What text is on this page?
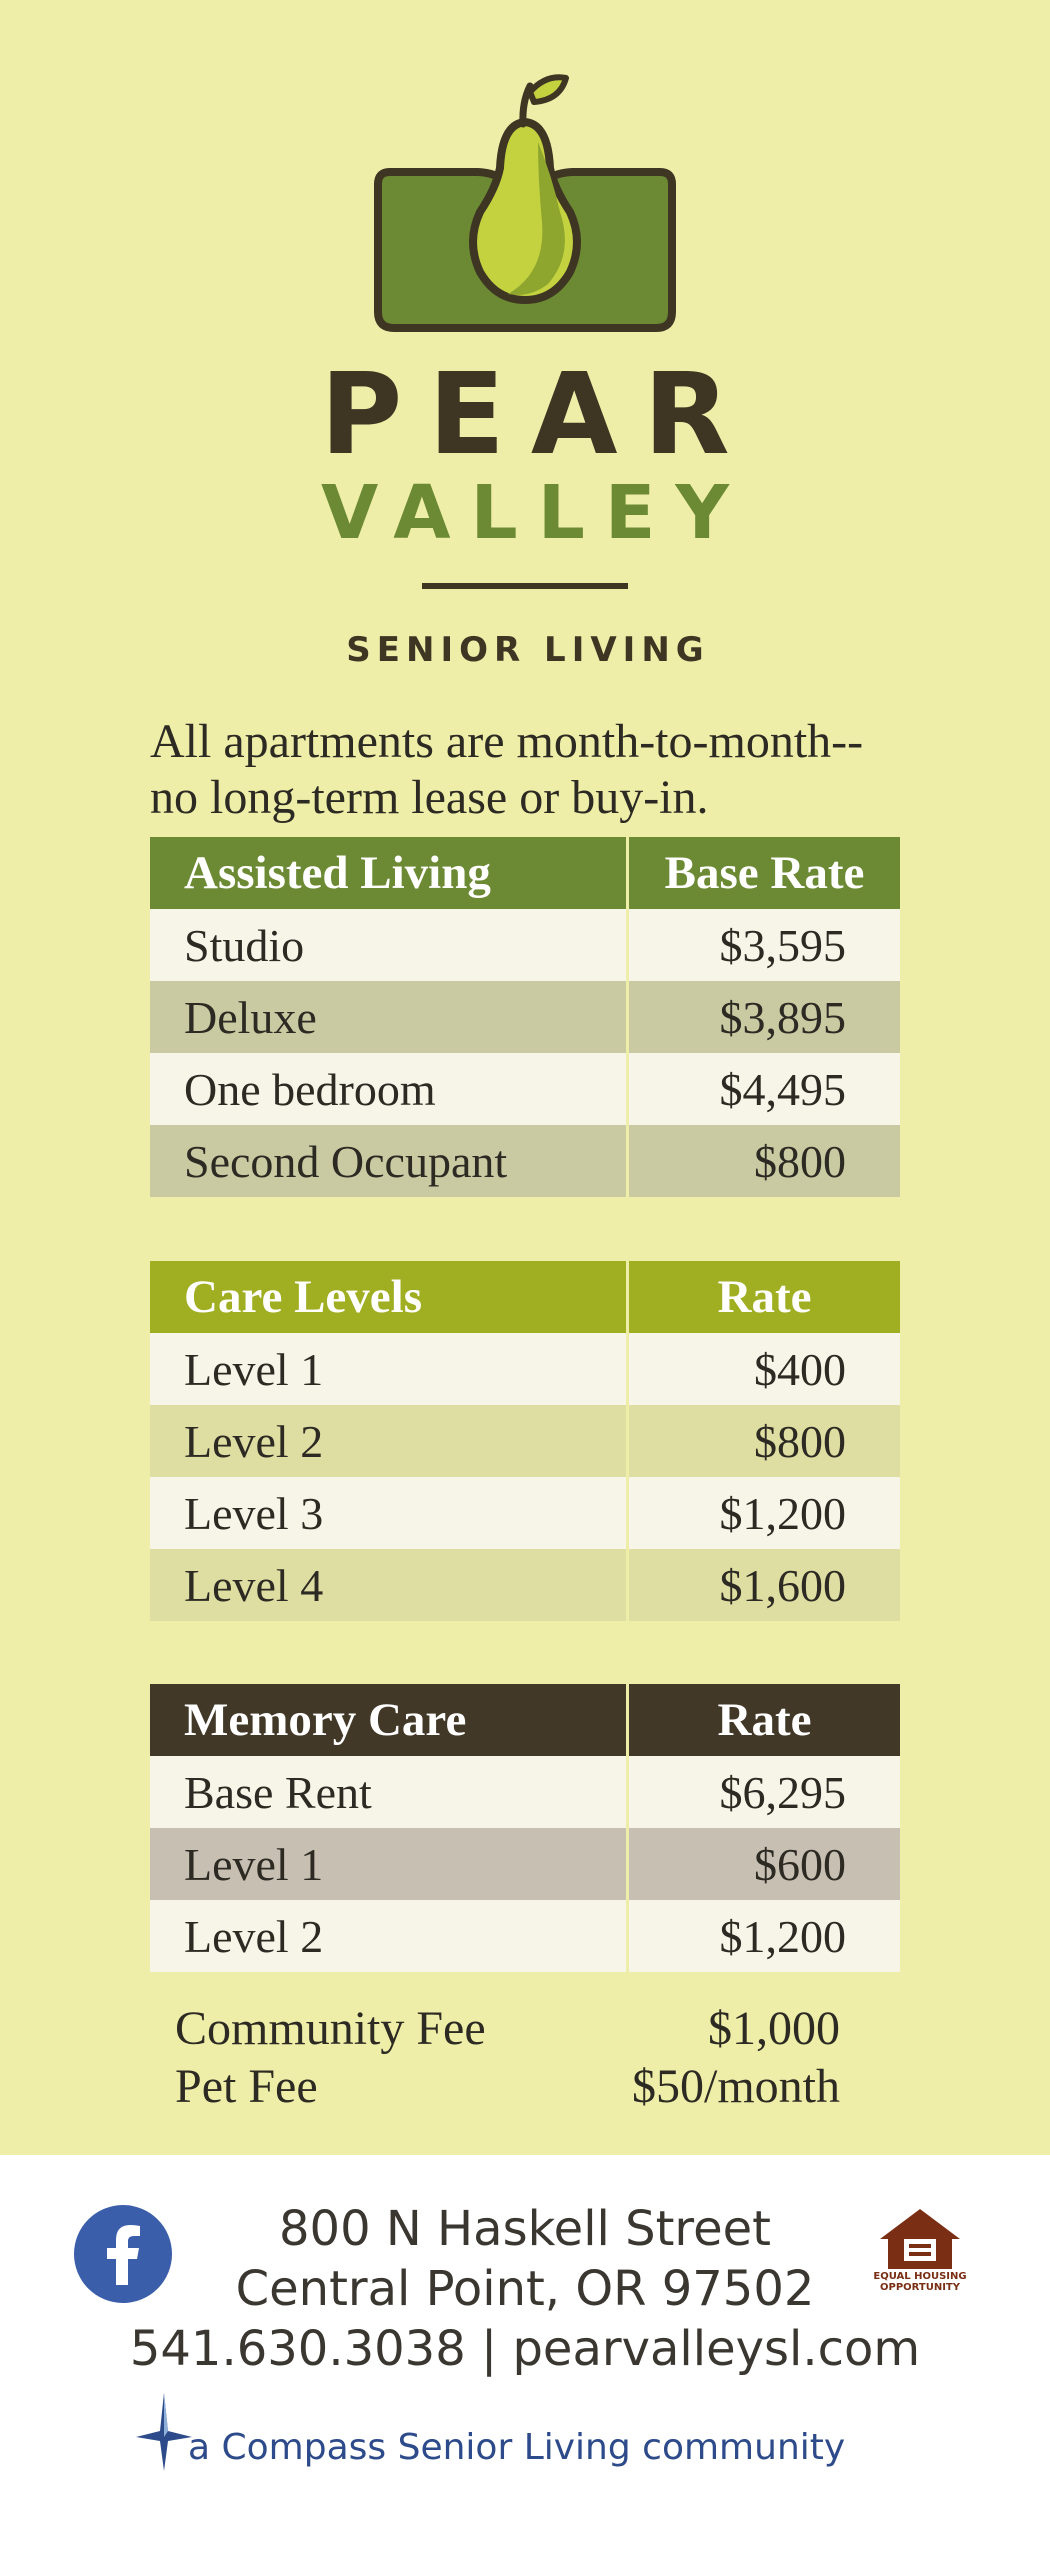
PEAR
VALLEY
SENIOR LIVING
All apartments are month-to-month-- no long-term lease or buy-in.
Assisted Living	Base Rate
Studio	$3,595
Deluxe	$3,895
One bedroom	$4,495
Second Occupant	$800
Care Levels	Rate
Level 1	$400
Level 2	$800
Level 3	$1,200
Level 4	$1,600
Memory Care	Rate
Base Rent	$6,295
Level 1	$600
Level 2	$1,200
Community Fee	$1,000
Pet Fee	$50/month
800 N Haskell Street
Central Point, OR 97502
541.630.3038 | pearvalleysl.com
EQUAL HOUSING OPPORTUNITY
a Compass Senior Living community
